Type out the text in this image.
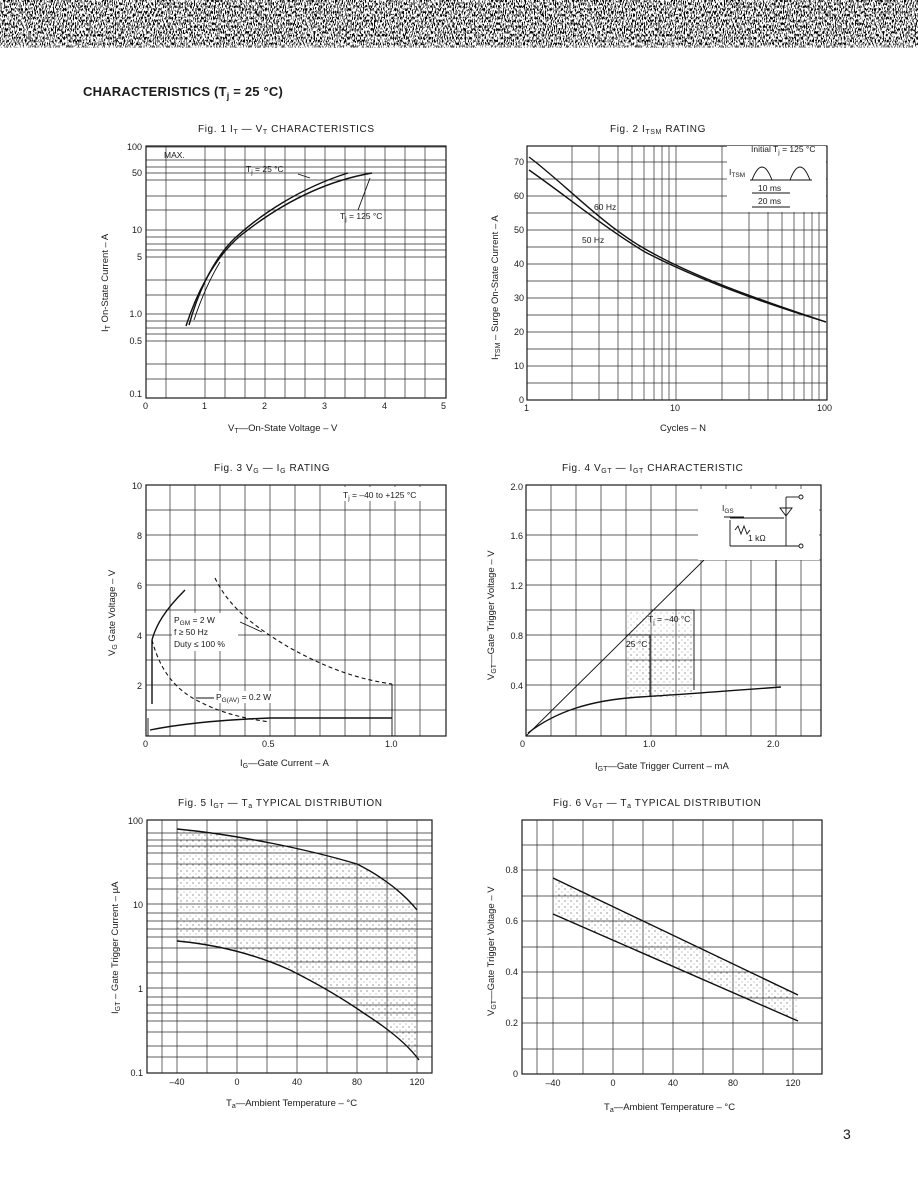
CHARACTERISTICS ($T_j = 25$ °C)
3
Fig. 1 $I_T$ — $V_T$ CHARACTERISTICS
MAX.
$T_j = 25$ °C
$T_j = 125$ °C
0	1	2	3	4	5
100
50
10
5
1.0
0.5
0.1
$V_T—On$-State Voltage – V
$I_T$ On-State Current – A
Fig. 2 $I_{TSM}$ RATING
60 Hz
50 Hz
Initial $T_j = 125$ °C
$I_{TSM}$
10 ms
20 ms
0
10
20
30
40
50
60
70
1	10	100
Cycles – N
$I_{TSM}$ – Surge On-State Current – A
Fig. 3 $V_G$ — $I_G$ RATING
$T_j = -40$ to +125 °C
$P_{GM} = 2$ W
f ≥ 50 Hz
Duty ≤ 100 %
$P_{G(AV)} = 0.2$ W
10
8
6
4
2
0	0.5	1.0
$I_G—Gate$ Current – A
$V_G$ Gate Voltage – V
Fig. 4 $V_{GT}$ — $I_{GT}$ CHARACTERISTIC
$I_{GS}$
1 kΩ
$T_j = -40$ °C
25 °C
2.0
1.6
1.2
0.8
0.4
0	1.0	2.0
$I_{GT}—Gate$ Trigger Current – mA
$V_{GT}—Gate$ Trigger Voltage – V
Fig. 5 $I_{GT}$ — $T_a$ TYPICAL DISTRIBUTION
100
10
1
0.1
–40	0	40	80	120
$T_a—Ambient$ Temperature – °C
$I_{GT}$ – Gate Trigger Current – µA
Fig. 6 $V_{GT}$ — $T_a$ TYPICAL DISTRIBUTION
0
0.2
0.4
0.6
0.8
–40	0	40	80	120
$T_a—Ambient$ Temperature – °C
$V_{GT}—Gate$ Trigger Voltage – V
